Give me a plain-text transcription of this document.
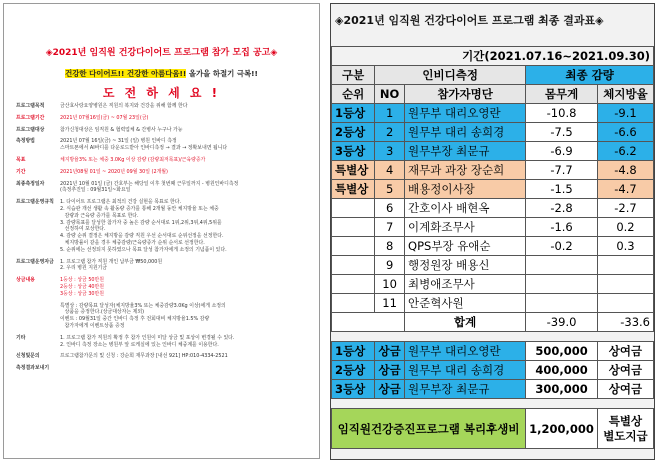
◈2021년 임직원 건강다이어트 프로그램 참가 모집 공고◈
건강한 다이어트!! 건강한 아름다움!! 올가을 하절기 극복!!
도 전 하 세 요 !
프로그램목적	금산효사랑요양병원은 직원의 복지와 건강을 위해 함께 한다
프로그램기간	2021년 07월16일(금) ~ 07월 23일(금)
프로그램대상	참가신청대상은 임직원 & 협력업체 & 간병사 누구나 가능
측정방법	2021년 07월 16일(금) ~ 31일 (일) 병원 인바디 측정
스마트폰에서 AI바디를 다운로드받아 인바디측정 → 결과 → 정확보내면 됩니다
목표	체지방율3% 또는 체중 3.0Kg 이상 감량 (감량최저목표)/근육량증가
기간	2021년08월 01일 ~ 2020년 09월 30일 (2개월)
최종측정일자	2021년 10월 01일 (금) 간호부는 해당일 이후 첫번째 근무일까지 - 병원인바디측정
(측정추진일 : 09월31일~화요일
프로그램운영규칙	1. 다이어트 프로그램은 최적의 건강 실현을 목표로 한다.
2. 식습관 개선 생활 속 활동량 증가를 통해 2개월 동안 체지방율 또는 체중
감량과 근육량 증가를 목표로 한다.
3. 감량목표를 달성한 참가자 중 높은 감량 순서대로 1위,2위,3위,4위,5위를
선정하여 포상한다.
4. 감량 순위 결정은 체지방을 감량 직원 우선 순서대로 순위선정을 선정한다.
체지방률이 같을 경우 체중감량/근육량증가 순위 순서로 선정한다.
5. 순위에는 선정되지 못하였으나 목표 달성 참가자에게 소정의 기념품이 있다.
프로그램운영자금	1. 프로그램 참가 직원 개인 납부금 ₩50,000원
2. 우리 병원 지원기금
상금내용	1등상 : 상금 50만원
2등상 : 상금 40만원
3등상 : 상금 30만원
특별상 : 감량목표 달성자(체지방율3% 또는 체중감량3.0Kg 이상)에게 소정의
상품을 증정한다.(상금대상자는 제외)
이벤트 : 09월31일 중간 인바디 측정 후 전회대비 체지방율1.5% 감량
참가자에게 이벤트상품 증정
기타	1. 프로그램 참가 직원의 확정 후 참가 인원이 미달 상금 및 포상이 변경될 수 있다.
2. 인바디 측정 장소는 병원부 앞 로케실에 있는 인바디 체중계를 이용한다.
신청및문의	프로그램참가문의 및 신청 : 강순희 재무과장 [내선 921] HP:010-4334-2521
측정결과보내기
◈2021년 임직원 건강다이어트 프로그램 최종 결과표◈
기간(2021.07.16~2021.09.30)				
구분	인비디측정		최종 감량	
순위	NO	참가자명단	몸무게	체지방율
1등상	1	원무부 대리오영란	-10.8	-9.1
2등상	2	원무부 대리 송희경	-7.5	-6.6
3등상	3	원무부장 최문규	-6.9	-6.2
특별상	4	재무과 과장 장순희	-7.7	-4.8
특별상	5	배용정이사장	-1.5	-4.7
	6	간호이사 배현옥	-2.8	-2.7
	7	이계화조무사	-1.6	0.2
	8	QPS부장 유애순	-0.2	0.3
	9	행정원장 배용신		
	10	최병애조무사		
	11	안준혁사원		
		합계	-39.0	-33.6

1등상	상금	원무부 대리오영란	500,000	상여금
2등상	상금	원무부 대리 송희경	400,000	상여금
3등상	상금	원무부장 최문규	300,000	상여금

임직원건강증진프로그램 복리후생비			1,200,000	특별상
별도지급
